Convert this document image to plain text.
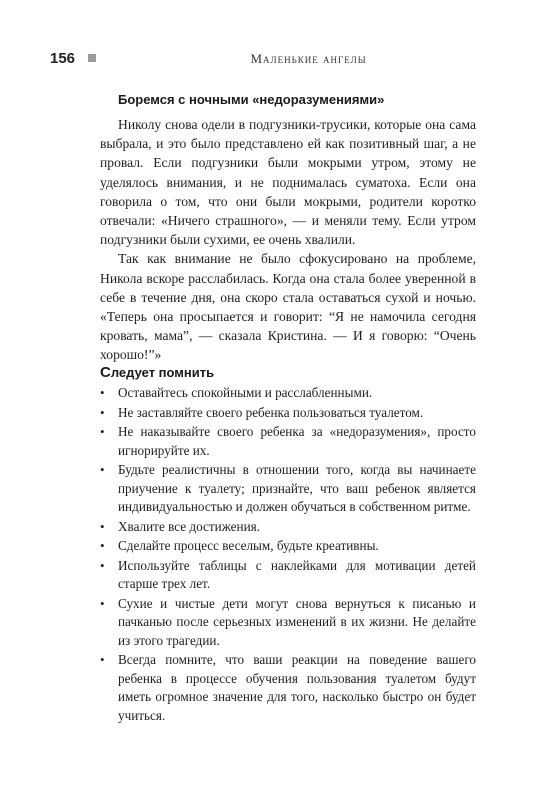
156	Маленькие ангелы
Боремся с ночными «недоразумениями»

Николу снова одели в подгузники-трусики, которые она сама выбрала, и это было представлено ей как позитивный шаг, а не провал. Если подгузники были мокрыми утром, этому не уделялось внимания, и не поднималась суматоха. Если она говорила о том, что они были мокрыми, родители коротко отвечали: «Ничего страшного», — и меняли тему. Если утром подгузники были сухими, ее очень хвалили.

Так как внимание не было сфокусировано на проблеме, Никола вскоре расслабилась. Когда она стала более уверенной в себе в течение дня, она скоро стала оставаться сухой и ночью. «Теперь она просыпается и говорит: “Я не намочила сегодня кровать, мама”, — сказала Кристина. — И я говорю: “Очень хорошо!”»

Следует помнить
• Оставайтесь спокойными и расслабленными.
• Не заставляйте своего ребенка пользоваться туалетом.
• Не наказывайте своего ребенка за «недоразумения», просто игнорируйте их.
• Будьте реалистичны в отношении того, когда вы начинаете приучение к туалету; признайте, что ваш ребенок является индивидуальностью и должен обучаться в собственном ритме.
• Хвалите все достижения.
• Сделайте процесс веселым, будьте креативны.
• Используйте таблицы с наклейками для мотивации детей старше трех лет.
• Сухие и чистые дети могут снова вернуться к писанью и пачканью после серьезных изменений в их жизни. Не делайте из этого трагедии.
• Всегда помните, что ваши реакции на поведение вашего ребенка в процессе обучения пользования туалетом будут иметь огромное значение для того, насколько быстро он будет учиться.
